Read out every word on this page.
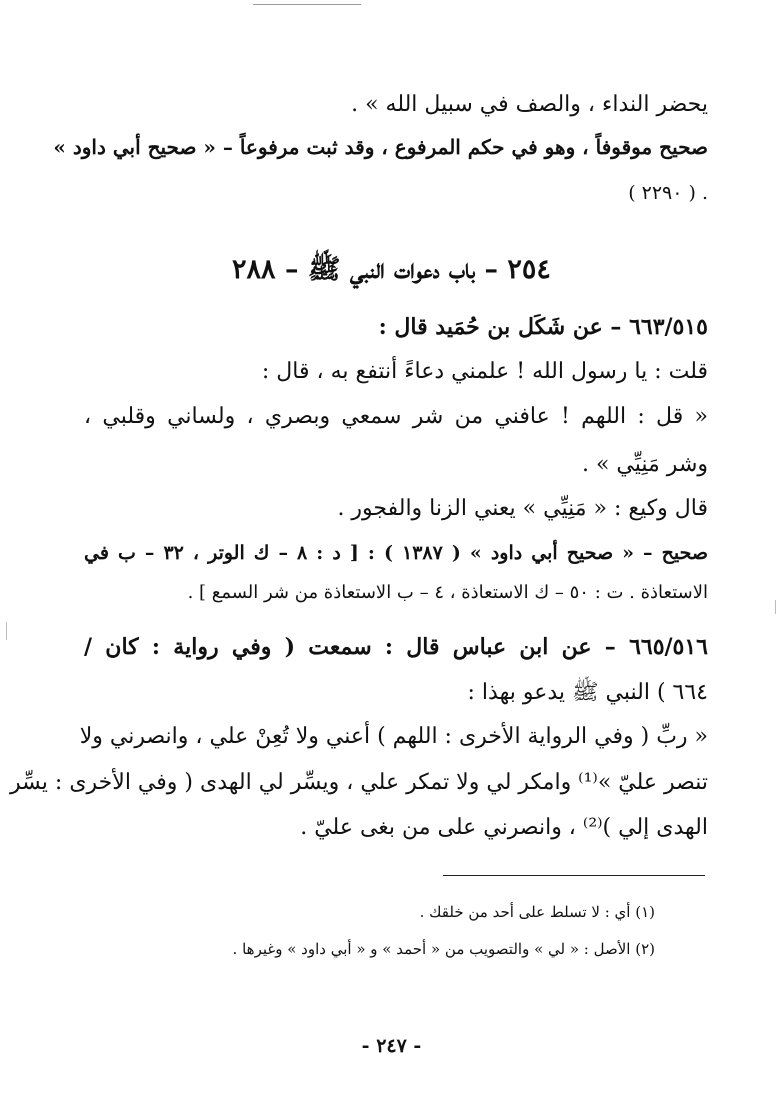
يحضر النداء ، والصف في سبيل الله » .
صحيح موقوفاً ، وهو في حكم المرفوع ، وقد ثبت مرفوعاً – « صحيح أبي داود »
. ( ٢٢٩٠ )
٢٥٤ – باب دعوات النبي ﷺ – ٢٨٨
٦٦٣/٥١٥ – عن شَكَل بن حُمَيد قال :
قلت : يا رسول الله ! علمني دعاءً أنتفع به ، قال :
« قل : اللهم ! عافني من شر سمعي وبصري ، ولساني وقلبي ،
وشر مَنِيِّي » .
قال وكيع : « مَنِيِّي » يعني الزنا والفجور .
صحيح – « صحيح أبي داود » ( ١٣٨٧ ) : [ د : ٨ – ك الوتر ، ٣٢ – ب في
الاستعاذة . ت : ٥٠ – ك الاستعاذة ، ٤ – ب الاستعاذة من شر السمع ] .
٦٦٥/٥١٦ – عن ابن عباس قال : سمعت ( وفي رواية : كان /
٦٦٤ ) النبي ﷺ يدعو بهذا :
« ربِّ ( وفي الرواية الأخرى : اللهم ) أعني ولا تُعِنْ علي ، وانصرني ولا
تنصر عليّ »⁽¹⁾ وامكر لي ولا تمكر علي ، ويسِّر لي الهدى ( وفي الأخرى : يسِّر
الهدى إلي )⁽²⁾ ، وانصرني على من بغى عليّ .
(١) أي : لا تسلط على أحد من خلقك .
(٢) الأصل : « لي » والتصويب من « أحمد » و « أبي داود » وغيرها .
- ٢٤٧ -
